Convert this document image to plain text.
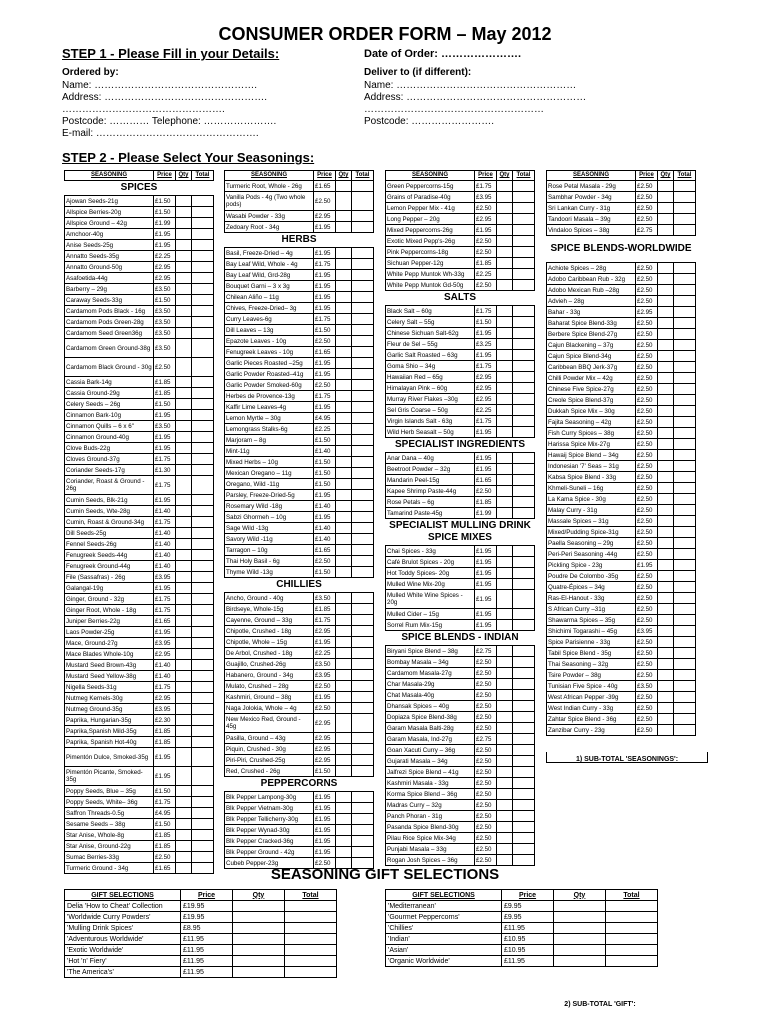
CONSUMER ORDER FORM – May 2012
STEP 1 - Please Fill in your Details:	Date of Order: ………………….
Ordered by:	Deliver to (if different):
Name: ………………………………………….
Address: ………………………………………….
………………………………………….
Postcode: ………… Telephone: ………………….
E-mail: ………………………………………….
Name: ………………………………………………
Address: ………………………………………………
………………………………………………
Postcode: …………………….
STEP 2 - Please Select Your Seasonings:
SEASONING	Price	Qty	Total
SPICES			
Ajowan Seeds-21g	£1.50		
Allspice Berries-20g	£1.50		
Allspice Ground – 42g	£1.99		
Amchoor-40g	£1.95		
Anise Seeds-25g	£1.95		
Annatto Seeds-35g	£2.25		
Annatto Ground-50g	£2.95		
Asafoetida-44g	£2.95		
Barberry – 29g	£3.50		
Caraway Seeds-33g	£1.50		
Cardamom Pods Black - 16g	£3.50		
Cardamom Pods Green-28g	£3.50		
Cardamom Seed Green36g	£3.50		
Cardamom Green Ground-38g	£3.50		
Cardamom Black Ground - 30g	£2.50		
Cassia Bark-14g	£1.85		
Cassia Ground-29g	£1.85		
Celery Seeds – 26g	£1.50		
Cinnamon Bark-10g	£1.95		
Cinnamon Quills – 6 x 6"	£3.50		
Cinnamon Ground-40g	£1.95		
Clove Buds-22g	£1.95		
Cloves Ground-37g	£1.75		
Coriander Seeds-17g	£1.30		
Coriander, Roast & Ground - 26g	£1.75		
Cumin Seeds, Blk-21g	£1.95		
Cumin Seeds, Wte-28g	£1.40		
Cumin, Roast & Ground-34g	£1.75		
Dill Seeds-25g	£1.40		
Fennel Seeds-26g	£1.40		
Fenugreek Seeds-44g	£1.40		
Fenugreek Ground-44g	£1.40		
File (Sassafras) - 26g	£3.95		
Galangal-19g	£1.95		
Ginger, Ground - 32g	£1.75		
Ginger Root, Whole - 18g	£1.75		
Juniper Berries-22g	£1.65		
Laos Powder-25g	£1.95		
Mace, Ground-27g	£3.95		
Mace Blades Whole-10g	£2.95		
Mustard Seed Brown-43g	£1.40		
Mustard Seed Yellow-38g	£1.40		
Nigella Seeds-31g	£1.75		
Nutmeg Kernels-30g	£2.95		
Nutmeg Ground-35g	£3.95		
Paprika, Hungarian-35g	£2.30		
Paprika,Spanish Mild-35g	£1.85		
Paprika, Spanish Hot-40g	£1.85		
Pimentón Dulce, Smoked-35g	£1.95		
Pimentón Picante, Smoked-35g	£1.95		
Poppy Seeds, Blue – 35g	£1.50		
Poppy Seeds, White– 36g	£1.75		
Saffron Threads-0.5g	£4.95		
Sesame Seeds – 38g	£1.50		
Star Anise, Whole-8g	£1.85		
Star Anise, Ground-22g	£1.85		
Sumac Berries-33g	£2.50		
Turmeric Ground - 34g	£1.65		
SEASONING	Price	Qty	Total
Turmeric Root, Whole - 26g	£1.65		
Vanilla Pods - 4g (Two whole pods)	£2.50		
Wasabi Powder - 33g	£2.95		
Zedoary Root - 34g	£1.95		
HERBS			
Basil, Freeze-Dried – 4g	£1.95		
Bay Leaf Wild, Whole - 4g	£1.75		
Bay Leaf Wild, Grd-28g	£1.95		
Bouquet Garni – 3 x 3g	£1.95		
Chilean Aliño – 11g	£1.95		
Chives, Freeze-Dried– 3g	£1.95		
Curry Leaves-6g	£1.75		
Dill Leaves – 13g	£1.50		
Epazote Leaves - 10g	£2.50		
Fenugreek Leaves - 10g	£1.65		
Garlic Pieces Roasted –25g	£1.95		
Garlic Powder Roasted–41g	£1.95		
Garlic Powder Smoked-60g	£2.50		
Herbes de Provence-13g	£1.75		
Kaffir Lime Leaves-4g	£1.95		
Lemon Myrtle – 30g	£4.95		
Lemongrass Stalks-6g	£2.25		
Marjoram – 8g	£1.50		
Mint-11g	£1.40		
Mixed Herbs – 10g	£1.50		
Mexican Oregano – 11g	£1.50		
Oregano, Wild -11g	£1.50		
Parsley, Freeze-Dried-5g	£1.95		
Rosemary Wild -18g	£1.40		
Sabzi Ghormeh – 10g	£1.95		
Sage Wild -13g	£1.40		
Savory Wild -11g	£1.40		
Tarragon – 10g	£1.65		
Thai Holy Basil - 6g	£2.50		
Thyme Wild -13g	£1.50		
CHILLIES			
Ancho, Ground - 40g	£3.50		
Birdseye, Whole-15g	£1.85		
Cayenne, Ground – 33g	£1.75		
Chipotle, Crushed - 18g	£2.95		
Chipotle, Whole – 15g	£1.95		
De Arbol, Crushed - 18g	£2.25		
Guajillo, Crushed-26g	£3.50		
Habanero, Ground - 34g	£3.95		
Mulato, Crushed – 28g	£2.50		
Kashmiri, Ground – 38g	£1.95		
Naga Jolokia, Whole – 4g	£2.50		
New Mexico Red, Ground - 45g	£2.95		
Pasilla, Ground – 43g	£2.95		
Piquin, Crushed - 30g	£2.95		
Piri-Piri, Crushed-25g	£2.95		
Red, Crushed - 26g	£1.50		
PEPPERCORNS			
Blk Pepper Lampong-30g	£1.95		
Blk Pepper Vietnam-30g	£1.95		
Blk Pepper Tellicherry-30g	£1.95		
Blk Pepper Wynad-30g	£1.95		
Blk Pepper Cracked-36g	£1.95		
Blk Pepper Ground - 42g	£1.95		
Cubeb Pepper-23g	£2.50		
SEASONING	Price	Qty	Total
Green Peppercorns-15g	£1.75		
Grains of Paradise-40g	£3.95		
Lemon Pepper Mix - 41g	£2.50		
Long Pepper – 20g	£2.95		
Mixed Peppercorns-26g	£1.95		
Exotic Mixed Pepp's-26g	£2.50		
Pink Peppercorns-18g	£2.50		
Sichuan Pepper-12g	£1.85		
White Pepp Muntok Wh-33g	£2.25		
White Pepp Muntok Gd-50g	£2.50		
SALTS			
Black Salt – 60g	£1.75		
Celery Salt – 55g	£1.50		
Chinese Sichuan Salt-62g	£1.95		
Fleur de Sel – 55g	£3.25		
Garlic Salt Roasted – 63g	£1.95		
Goma Shio – 34g	£1.75		
Hawaiian Red – 65g	£2.95		
Himalayan Pink – 60g	£2.95		
Murray River Flakes –30g	£2.95		
Sel Gris Coarse – 50g	£2.25		
Virgin Islands Salt - 63g	£1.75		
Wild Herb Seasalt – 50g	£1.95		
SPECIALIST INGREDIENTS			
Anar Dana – 40g	£1.95		
Beetroot Powder – 32g	£1.95		
Mandarin Peel-15g	£1.65		
Kapee Shrimp Paste-44g	£2.50		
Rose Petals – 6g	£1.85		
Tamarind Paste-45g	£1.99		
SPECIALIST MULLING DRINK SPICE MIXES			
Chai Spices - 33g	£1.95		
Café Brulot Spices - 20g	£1.95		
Hot Toddy Spices- 20g	£1.95		
Mulled Wine Mix-20g	£1.95		
Mulled White Wine Spices - 20g	£1.95		
Mulled Cider – 15g	£1.95		
Sorrel Rum Mix-15g	£1.95		
SPICE BLENDS - INDIAN			
Biryani Spice Blend – 38g	£2.75		
Bombay Masala – 34g	£2.50		
Cardamom Masala-27g	£2.50		
Char Masala-29g	£2.50		
Chat Masala-40g	£2.50		
Dhansak Spices – 40g	£2.50		
Dopiaza Spice Blend-38g	£2.50		
Garam Masala Balti-28g	£2.50		
Garam Masala, Ind-27g	£2.75		
Goan Xacuti Curry – 36g	£2.50		
Gujarati Masala – 34g	£2.50		
Jalfrezi Spice Blend – 41g	£2.50		
Kashmiri Masala - 33g	£2.50		
Korma Spice Blend – 36g	£2.50		
Madras Curry – 32g	£2.50		
Panch Phoran - 31g	£2.50		
Pasanda Spice Blend-30g	£2.50		
Pilau Rice Spice Mix-34g	£2.50		
Punjabi Masala – 33g	£2.50		
Rogan Josh Spices – 36g	£2.50		
SEASONING	Price	Qty	Total
Rose Petal Masala - 29g	£2.50		
Sambhar Powder - 34g	£2.50		
Sri Lankan Curry - 31g	£2.50		
Tandoori Masala – 39g	£2.50		
Vindaloo Spices – 38g	£2.75		
SPICE BLENDS-WORLDWIDE			
Achiote Spices – 28g	£2.50		
Adobo Caribbean Rub - 32g	£2.50		
Adobo Mexican Rub –28g	£2.50		
Advieh – 28g	£2.50		
Bahar - 33g	£2.95		
Baharat Spice Blend-33g	£2.50		
Berbere Spice Blend-27g	£2.50		
Cajun Blackening – 37g	£2.50		
Cajun Spice Blend-34g	£2.50		
Caribbean BBQ Jerk-37g	£2.50		
Chilli Powder Mix – 42g	£2.50		
Chinese Five Spice-27g	£2.50		
Creole Spice Blend-37g	£2.50		
Dukkah Spice Mix – 30g	£2.50		
Fajita Seasoning – 42g	£2.50		
Fish Curry Spices – 38g	£2.50		
Harissa Spice Mix-27g	£2.50		
Hawaij Spice Blend – 34g	£2.50		
Indonesian '7' Seas – 31g	£2.50		
Kabsa Spice Blend - 33g	£2.50		
Khmeli-Suneli – 16g	£2.50		
La Kama Spice - 30g	£2.50		
Malay Curry - 31g	£2.50		
Massale Spices – 31g	£2.50		
Mixed/Pudding Spice-31g	£2.50		
Paella Seasoning – 29g	£2.50		
Peri-Peri Seasoning -44g	£2.50		
Pickling Spice - 23g	£1.95		
Poudre De Colombo -35g	£2.50		
Quatre-Épices – 34g	£2.50		
Ras-El-Hanout - 33g	£2.50		
S African Curry –31g	£2.50		
Shawarma Spices – 35g	£2.50		
Shichimi Togarashi – 45g	£3.95		
Spice Parisienne - 33g	£2.50		
Tabil Spice Blend - 35g	£2.50		
Thai Seasoning – 32g	£2.50		
Tsire Powder – 38g	£2.50		
Tunisian Five Spice - 40g	£3.50		
West African Pepper -39g	£2.50		
West Indian Curry - 33g	£2.50		
Zahtar Spice Blend - 36g	£2.50		
Zanzibar Curry - 23g	£2.50		
1) SUB-TOTAL 'SEASONINGS':
SEASONING GIFT SELECTIONS
GIFT SELECTIONS	Price	Qty	Total
Delia 'How to Cheat' Collection	£19.95		
'Worldwide Curry Powders'	£19.95		
'Mulling Drink Spices'	£8.95		
'Adventurous Worldwide'	£11.95		
'Exotic Worldwide'	£11.95		
'Hot 'n' Fiery'	£11.95		
'The America's'	£11.95		
GIFT SELECTIONS	Price	Qty	Total
'Mediterranean'	£9.95		
'Gourmet Peppercorns'	£9.95		
'Chillies'	£11.95		
'Indian'	£10.95		
'Asian'	£10.95		
'Organic Worldwide'	£11.95		
2) SUB-TOTAL 'GIFT':
